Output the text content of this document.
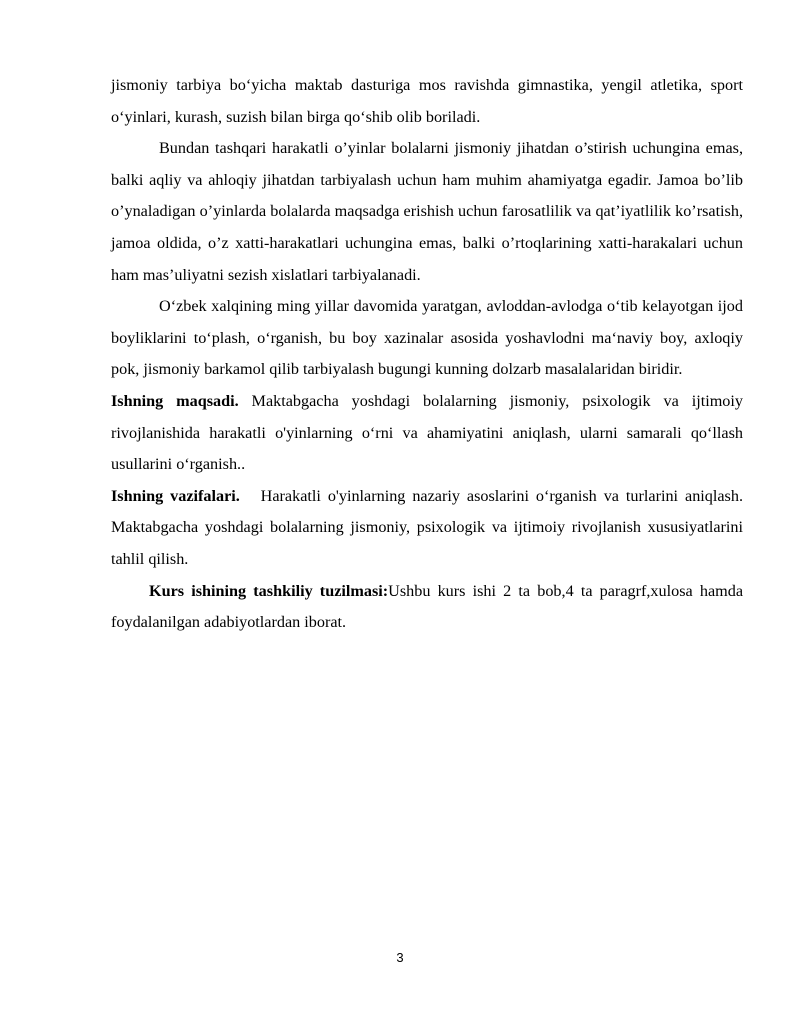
jismoniy tarbiya bo‘yicha maktab dasturiga mos ravishda gimnastika, yengil atletika, sport o‘yinlari, kurash, suzish bilan birga qo‘shib olib boriladi.

Bundan tashqari harakatli o’yinlar bolalarni jismoniy jihatdan o’stirish uchungina emas, balki aqliy va ahloqiy jihatdan tarbiyalash uchun ham muhim ahamiyatga egadir. Jamoa bo’lib o’ynaladigan o’yinlarda bolalarda maqsadga erishish uchun farosatlilik va qat’iyatlilik ko’rsatish, jamoa oldida, o’z xatti-harakatlari uchungina emas, balki o’rtoqlarining xatti-harakalari uchun ham mas’uliyatni sezish xislatlari tarbiyalanadi.

O‘zbek xalqining ming yillar davomida yaratgan, avloddan-avlodga o‘tib kelayotgan ijod boyliklarini to‘plash, o‘rganish, bu boy xazinalar asosida yoshavlodni ma‘naviy boy, axloqiy pok, jismoniy barkamol qilib tarbiyalash bugungi kunning dolzarb masalalaridan biridir.

Ishning maqsadi. Maktabgacha yoshdagi bolalarning jismoniy, psixologik va ijtimoiy rivojlanishida harakatli o'yinlarning o‘rni va ahamiyatini aniqlash, ularni samarali qo‘llash usullarini o‘rganish..

Ishning vazifalari.   Harakatli o'yinlarning nazariy asoslarini o‘rganish va turlarini aniqlash. Maktabgacha yoshdagi bolalarning jismoniy, psixologik va ijtimoiy rivojlanish xususiyatlarini tahlil qilish.

Kurs ishining tashkiliy tuzilmasi:Ushbu kurs ishi 2 ta bob,4 ta paragrf,xulosa hamda foydalanilgan adabiyotlardan iborat.

3
